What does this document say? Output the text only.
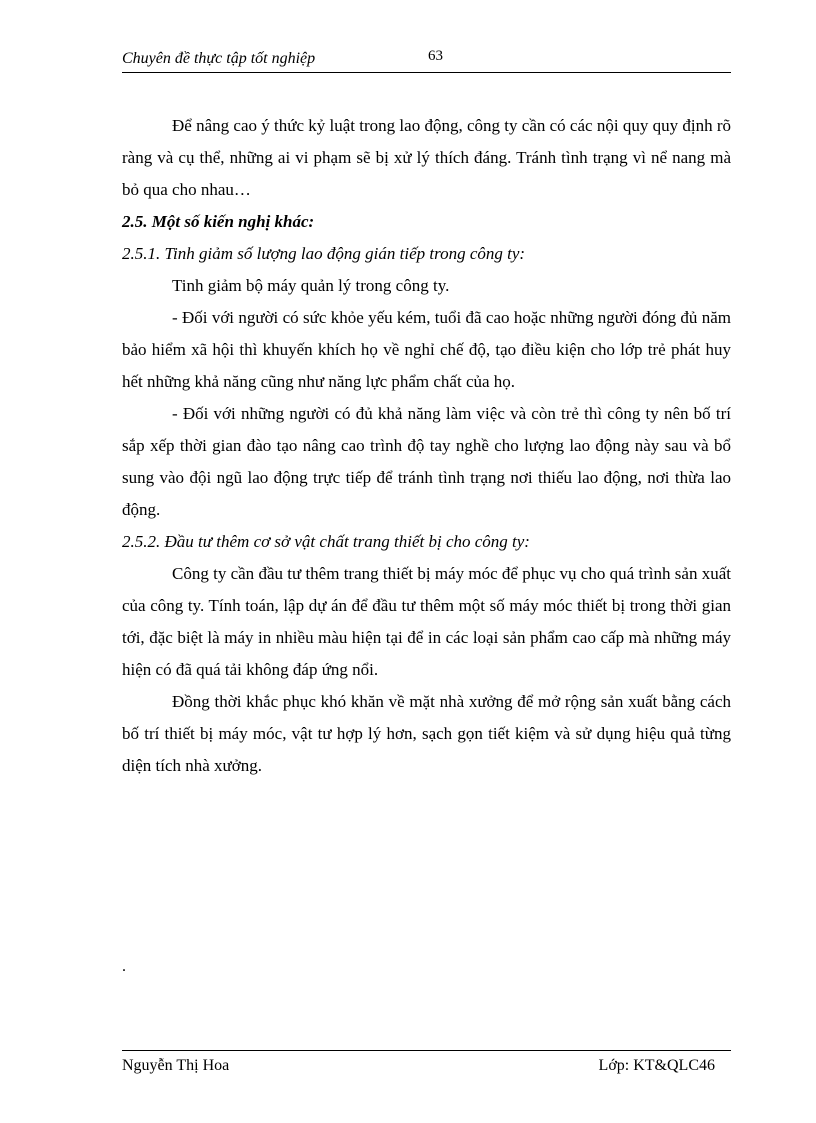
Chuyên đề thực tập tốt nghiệp	63

Để nâng cao ý thức kỷ luật trong lao động, công ty cần có các nội quy quy định rõ ràng và cụ thể, những ai vi phạm sẽ bị xử lý thích đáng. Tránh tình trạng vì nể nang mà bỏ qua cho nhau…

2.5. Một số kiến nghị khác:

2.5.1. Tinh giảm số lượng lao động gián tiếp trong công ty:

Tinh giảm bộ máy quản lý trong công ty.

- Đối với người có sức khỏe yếu kém, tuổi đã cao hoặc những người đóng đủ năm bảo hiểm xã hội thì khuyến khích họ về nghỉ chế độ, tạo điều kiện cho lớp trẻ phát huy hết những khả năng cũng như năng lực phẩm chất của họ.

- Đối với những người có đủ khả năng làm việc và còn trẻ thì công ty nên bố trí sắp xếp thời gian đào tạo nâng cao trình độ tay nghề cho lượng lao động này sau và bổ sung vào đội ngũ lao động trực tiếp để tránh tình trạng nơi thiếu lao động, nơi thừa lao động.

2.5.2. Đầu tư thêm cơ sở vật chất trang thiết bị cho công ty:

Công ty cần đầu tư thêm trang thiết bị máy móc để phục vụ cho quá trình sản xuất của công ty. Tính toán, lập dự án để đầu tư thêm một số máy móc thiết bị trong thời gian tới, đặc biệt là máy in nhiều màu hiện tại để in các loại sản phẩm cao cấp mà những máy hiện có đã quá tải không đáp ứng nổi.

Đồng thời khắc phục khó khăn về mặt nhà xưởng để mở rộng sản xuất bằng cách bố trí thiết bị máy móc, vật tư hợp lý hơn, sạch gọn tiết kiệm và sử dụng hiệu quả từng diện tích nhà xưởng.

.
Nguyễn Thị Hoa	Lớp: KT&QLC46
